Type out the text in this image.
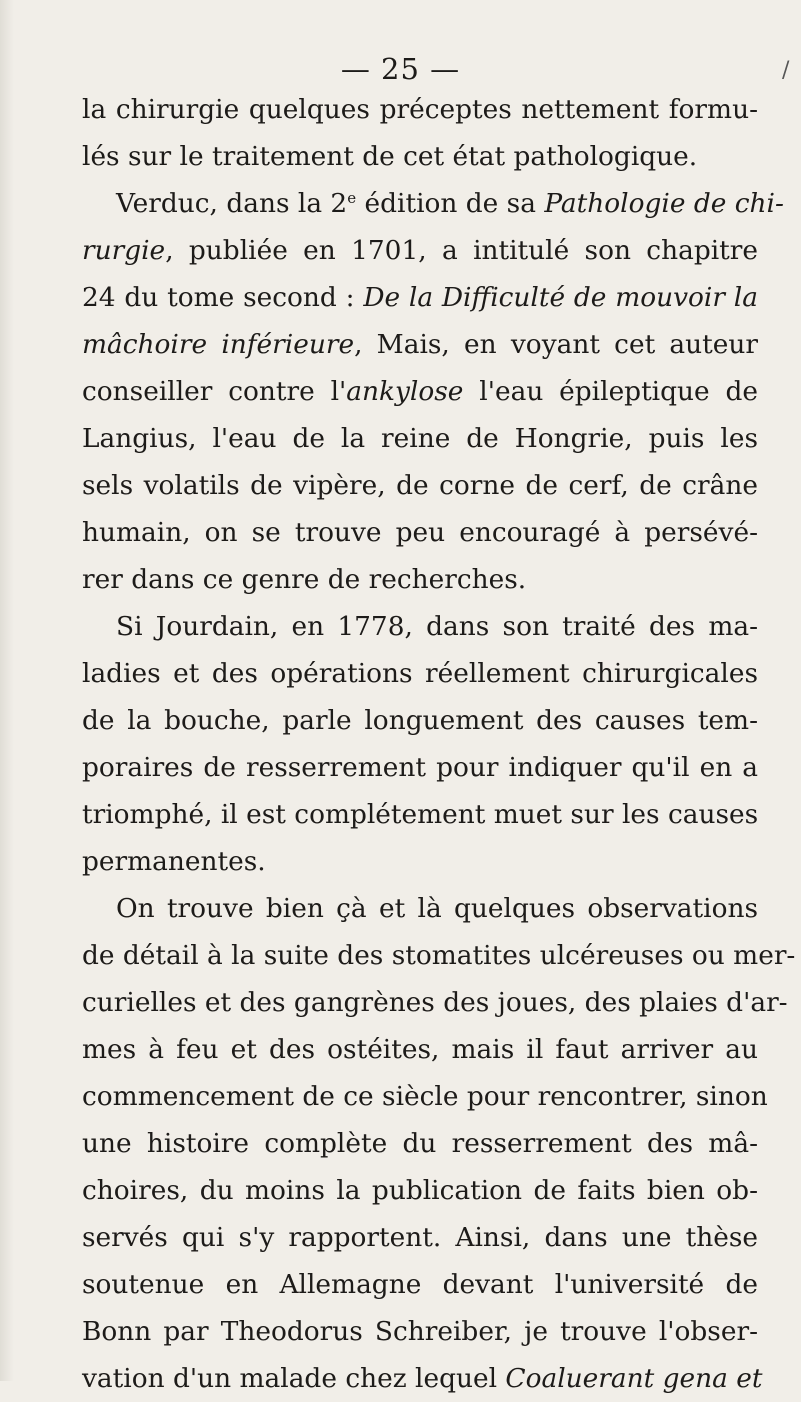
— 25 —	/
la chirurgie quelques préceptes nettement formu-
lés sur le traitement de cet état pathologique.
Verduc, dans la 2e édition de sa Pathologie de chi-
rurgie, publiée en 1701, a intitulé son chapitre
24 du tome second : De la Difficulté de mouvoir la
mâchoire inférieure, Mais, en voyant cet auteur
conseiller contre l'ankylose l'eau épileptique de
Langius, l'eau de la reine de Hongrie, puis les
sels volatils de vipère, de corne de cerf, de crâne
humain, on se trouve peu encouragé à persévé-
rer dans ce genre de recherches.
Si Jourdain, en 1778, dans son traité des ma-
ladies et des opérations réellement chirurgicales
de la bouche, parle longuement des causes tem-
poraires de resserrement pour indiquer qu'il en a
triomphé, il est complétement muet sur les causes
permanentes.
On trouve bien çà et là quelques observations
de détail à la suite des stomatites ulcéreuses ou mer-
curielles et des gangrènes des joues, des plaies d'ar-
mes à feu et des ostéites, mais il faut arriver au
commencement de ce siècle pour rencontrer, sinon
une histoire complète du resserrement des mâ-
choires, du moins la publication de faits bien ob-
servés qui s'y rapportent. Ainsi, dans une thèse
soutenue en Allemagne devant l'université de
Bonn par Theodorus Schreiber, je trouve l'obser-
vation d'un malade chez lequel Coaluerant gena et
